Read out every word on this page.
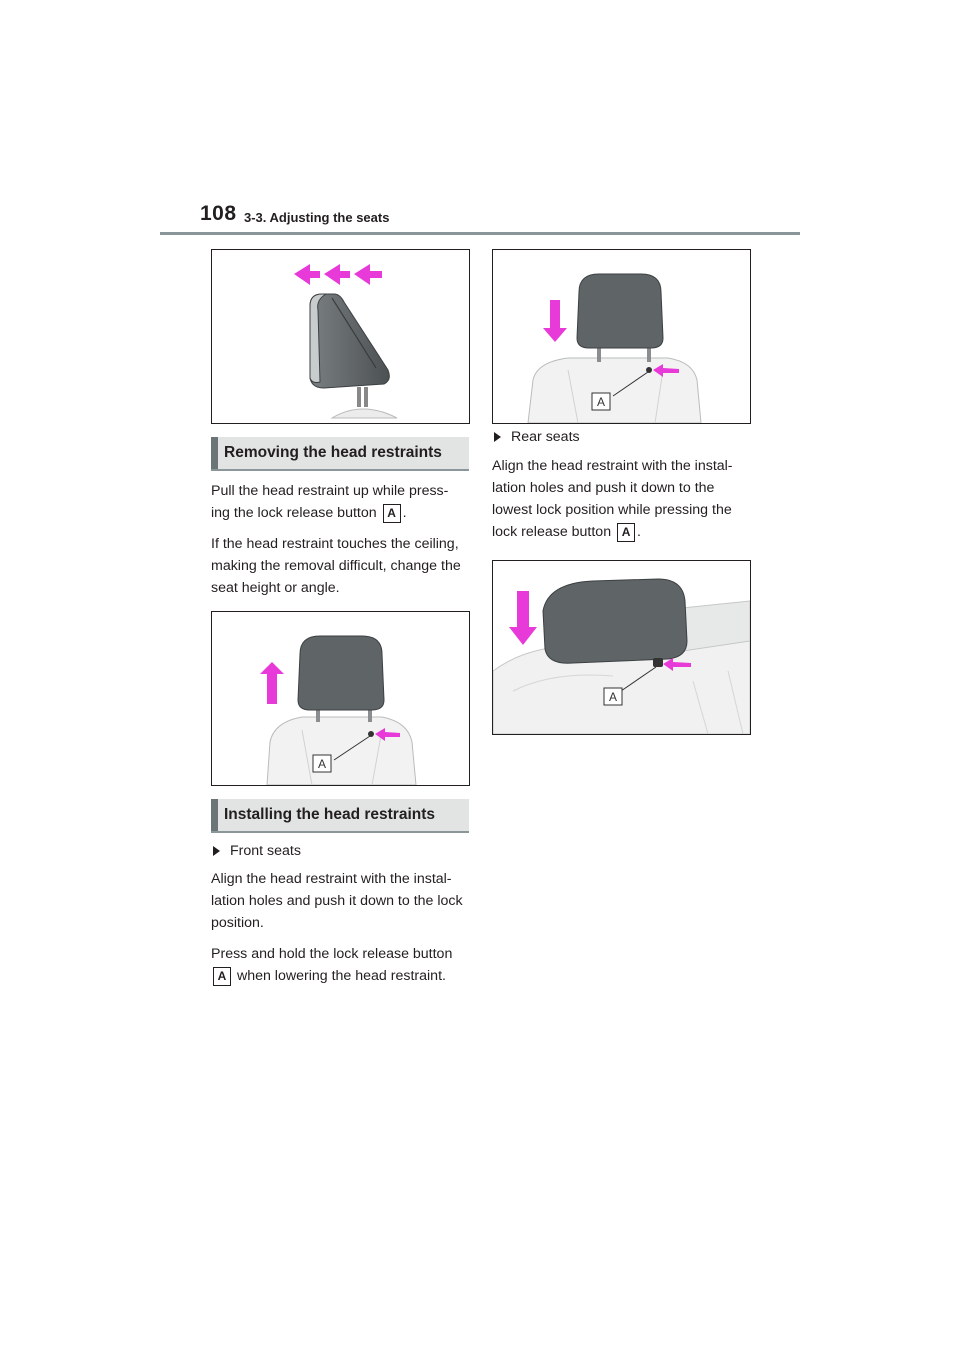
108 3-3. Adjusting the seats
Removing the head restraints

Pull the head restraint up while press-
ing the lock release button A .

If the head restraint touches the ceiling, making the removal difficult, change the seat height or angle.

A
Installing the head restraints
Front seats

Align the head restraint with the instal-lation holes and push it down to the lock position.

Press and hold the lock release button
A when lowering the head restraint.

A
Rear seats

Align the head restraint with the instal-lation holes and push it down to the lowest lock position while pressing the
lock release button A .

A
